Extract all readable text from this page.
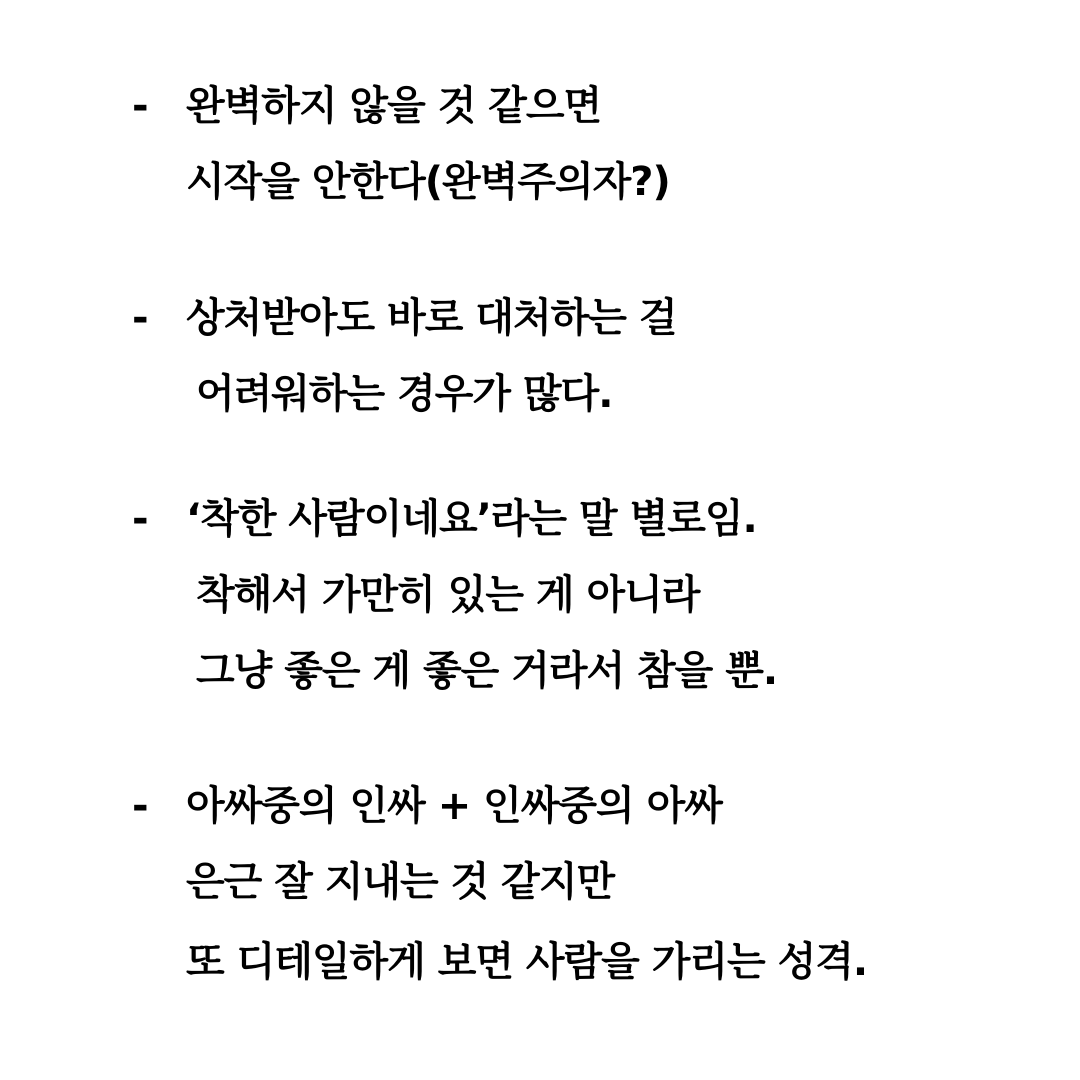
- 완벽하지 않을 것 같으면
시작을 안한다(완벽주의자?)
- 상처받아도 바로 대처하는 걸
어려워하는 경우가 많다.
- ‘착한 사람이네요’라는 말 별로임.
착해서 가만히 있는 게 아니라
그냥 좋은 게 좋은 거라서 참을 뿐.
- 아싸중의 인싸 + 인싸중의 아싸
은근 잘 지내는 것 같지만
또 디테일하게 보면 사람을 가리는 성격.
